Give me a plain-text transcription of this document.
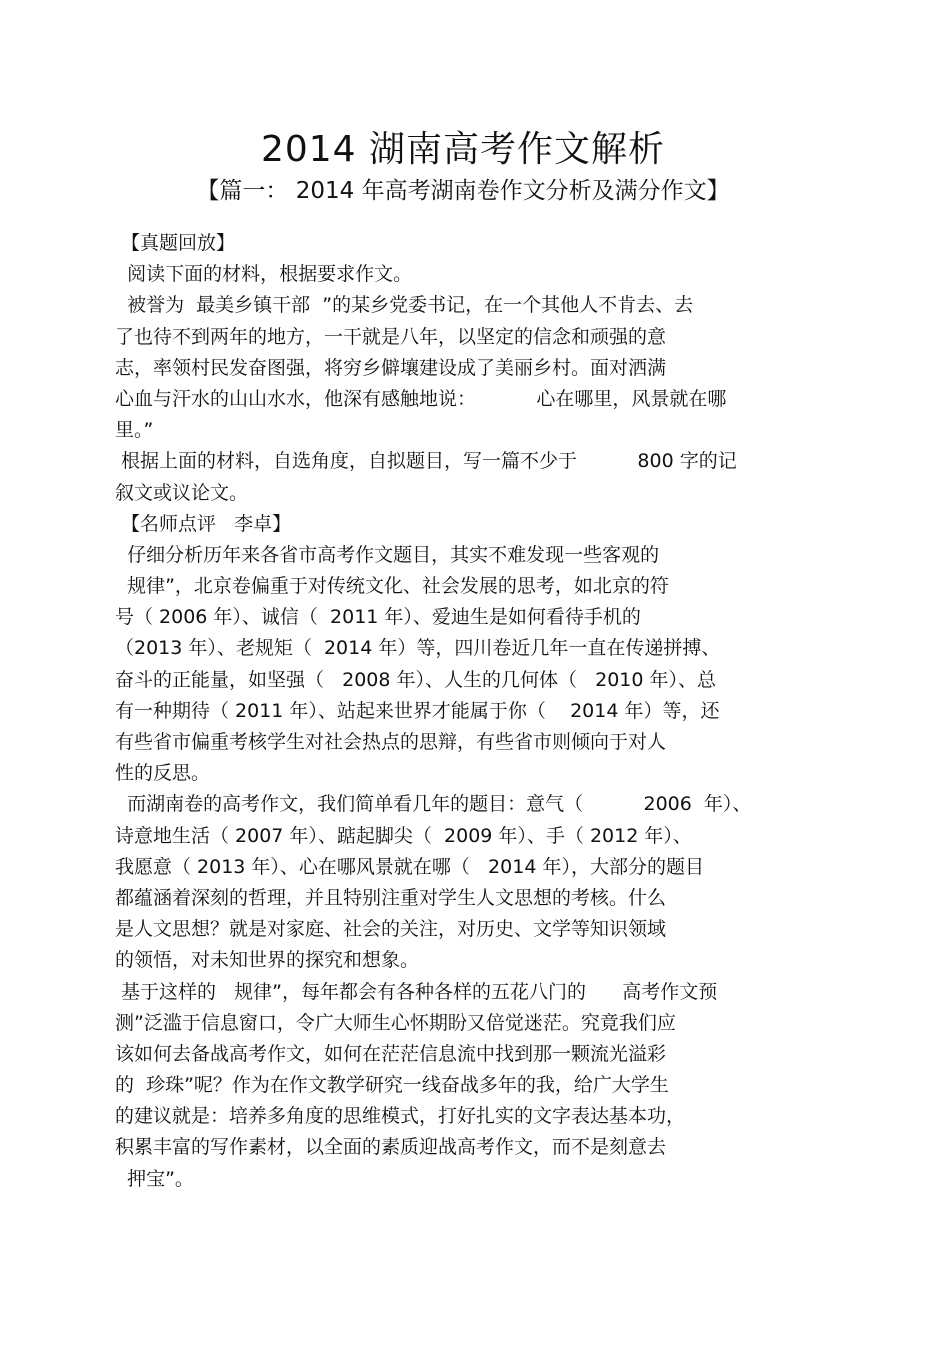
2014 湖南高考作文解析
【篇一： 2014 年高考湖南卷作文分析及满分作文】
【真题回放】
阅读下面的材料，根据要求作文。
被誉为  最美乡镇干部  ”的某乡党委书记，在一个其他人不肯去、去
了也待不到两年的地方，一干就是八年，以坚定的信念和顽强的意
志，率领村民发奋图强，将穷乡僻壤建设成了美丽乡村。面对洒满
心血与汗水的山山水水，他深有感触地说：          心在哪里，风景就在哪
里。”
根据上面的材料，自选角度，自拟题目，写一篇不少于          800 字的记
叙文或议论文。
【名师点评   李卓】
仔细分析历年来各省市高考作文题目，其实不难发现一些客观的
规律”，北京卷偏重于对传统文化、社会发展的思考，如北京的符
号（ 2006 年）、诚信（  2011 年）、爱迪生是如何看待手机的
（2013 年）、老规矩（  2014 年）等，四川卷近几年一直在传递拼搏、
奋斗的正能量，如坚强（   2008 年）、人生的几何体（   2010 年）、总
有一种期待（ 2011 年）、站起来世界才能属于你（    2014 年）等，还
有些省市偏重考核学生对社会热点的思辩，有些省市则倾向于对人
性的反思。
而湖南卷的高考作文，我们简单看几年的题目：意气（          2006  年）、
诗意地生活（ 2007 年）、踮起脚尖（  2009 年）、手（ 2012 年）、
我愿意（ 2013 年）、心在哪风景就在哪（   2014 年），大部分的题目
都蕴涵着深刻的哲理，并且特别注重对学生人文思想的考核。什么
是人文思想？就是对家庭、社会的关注，对历史、文学等知识领域
的领悟，对未知世界的探究和想象。
基于这样的   规律”，每年都会有各种各样的五花八门的      高考作文预
测”泛滥于信息窗口，令广大师生心怀期盼又倍觉迷茫。究竟我们应
该如何去备战高考作文，如何在茫茫信息流中找到那一颗流光溢彩
的  珍珠”呢？作为在作文教学研究一线奋战多年的我，给广大学生
的建议就是：培养多角度的思维模式，打好扎实的文字表达基本功，
积累丰富的写作素材，以全面的素质迎战高考作文，而不是刻意去
押宝”。
